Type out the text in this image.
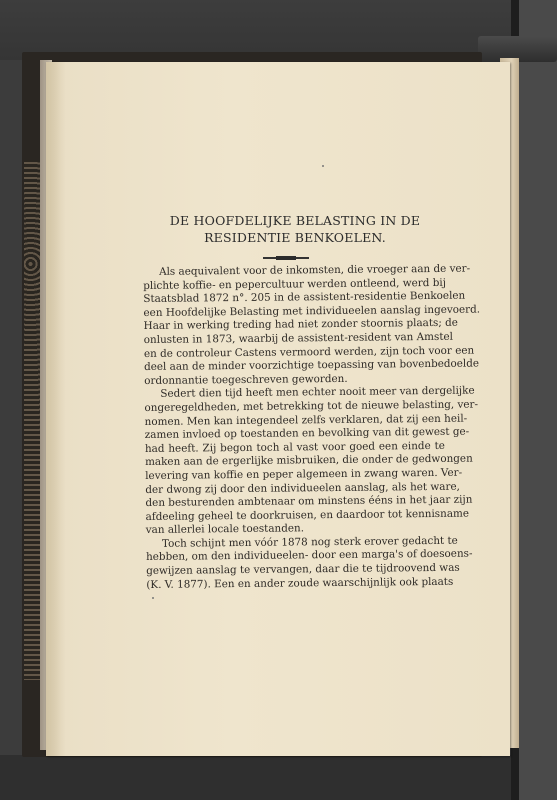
DE HOOFDELIJKE BELASTING IN DE
RESIDENTIE BENKOELEN.
Als aequivalent voor de inkomsten, die vroeger aan de ver-
plichte koffie- en pepercultuur werden ontleend, werd bij
Staatsblad 1872 n°. 205 in de assistent-residentie Benkoelen
een Hoofdelijke Belasting met individueelen aanslag ingevoerd.
Haar in werking treding had niet zonder stoornis plaats; de
onlusten in 1873, waarbij de assistent-resident van Amstel
en de controleur Castens vermoord werden, zijn toch voor een
deel aan de minder voorzichtige toepassing van bovenbedoelde
ordonnantie toegeschreven geworden.
Sedert dien tijd heeft men echter nooit meer van dergelijke
ongeregeldheden, met betrekking tot de nieuwe belasting, ver-
nomen. Men kan integendeel zelfs verklaren, dat zij een heil-
zamen invloed op toestanden en bevolking van dit gewest ge-
had heeft. Zij begon toch al vast voor goed een einde te
maken aan de ergerlijke misbruiken, die onder de gedwongen
levering van koffie en peper algemeen in zwang waren. Ver-
der dwong zij door den individueelen aanslag, als het ware,
den besturenden ambtenaar om minstens ééns in het jaar zijn
afdeeling geheel te doorkruisen, en daardoor tot kennisname
van allerlei locale toestanden.
Toch schijnt men vóór 1878 nog sterk erover gedacht te
hebben, om den individueelen- door een marga's of doesoens-
gewijzen aanslag te vervangen, daar die te tijdroovend was
(K. V. 1877). Een en ander zoude waarschijnlijk ook plaats
